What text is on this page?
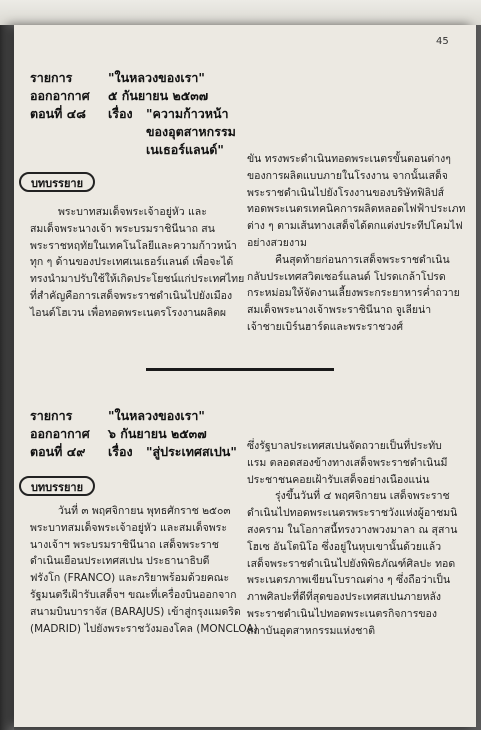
45
รายการ	"ในหลวงของเรา"
ออกอากาศ ๕ กันยายน ๒๕๓๗
ตอนที่ ๔๘ เรื่อง "ความก้าวหน้า
ของอุตสาหกรรม
เนเธอร์แลนด์"
บทบรรยาย
พระบาทสมเด็จพระเจ้าอยู่หัว และ
สมเด็จพระนางเจ้า พระบรมราชินีนาถ สน
พระราชหฤทัยในเทคโนโลยีและความก้าวหน้า
ทุก ๆ ด้านของประเทศเนเธอร์แลนด์ เพื่อจะได้
ทรงนำมาปรับใช้ให้เกิดประโยชน์แก่ประเทศไทย
ที่สำคัญคือการเสด็จพระราชดำเนินไปยังเมือง
ไอนด์โฮเวน เพื่อทอดพระเนตรโรงงานผลิตผ
ขัน ทรงพระดำเนินทอดพระเนตรขั้นตอนต่างๆ
ของการผลิตแบบภายในโรงงาน จากนั้นเสด็จ
พระราชดำเนินไปยังโรงงานของบริษัทฟิลิปส์
ทอดพระเนตรเทคนิคการผลิตหลอดไฟฟ้าประเภท
ต่าง ๆ ตามเส้นทางเสด็จได้ตกแต่งประทีปโคมไฟ
อย่างสวยงาม
คืนสุดท้ายก่อนการเสด็จพระราชดำเนิน
กลับประเทศสวิตเซอร์แลนด์ โปรดเกล้าโปรด
กระหม่อมให้จัดงานเลี้ยงพระกระยาหารค่ำถวาย
สมเด็จพระนางเจ้าพระราชินีนาถ จูเลียน่า
เจ้าชายเบิร์นฮาร์ดและพระราชวงศ์
รายการ	"ในหลวงของเรา"
ออกอากาศ ๖ กันยายน ๒๕๓๗
ตอนที่ ๔๙ เรื่อง "สู่ประเทศสเปน"
บทบรรยาย
วันที่ ๓ พฤศจิกายน พุทธศักราช ๒๕๐๓
พระบาทสมเด็จพระเจ้าอยู่หัว และสมเด็จพระ
นางเจ้าฯ พระบรมราชินีนาถ เสด็จพระราช
ดำเนินเยือนประเทศสเปน ประธานาธิบดี
ฟรังโก (FRANCO) และภริยาพร้อมด้วยคณะ
รัฐมนตรีเฝ้ารับเสด็จฯ ขณะที่เครื่องบินออกจาก
สนามบินบาราจัส (BARAJUS) เข้าสู่กรุงแมดริด
(MADRID) ไปยังพระราชวังมองโคล (MONCLOA)
ซึ่งรัฐบาลประเทศสเปนจัดถวายเป็นที่ประทับ
แรม ตลอดสองข้างทางเสด็จพระราชดำเนินมี
ประชาชนคอยเฝ้ารับเสด็จอย่างเนืองแน่น
รุ่งขึ้นวันที่ ๔ พฤศจิกายน เสด็จพระราช
ดำเนินไปทอดพระเนตรพระราชวังแห่งผู้อาชมนิ
สงคราม ในโอกาสนี้ทรงวางพวงมาลา ณ สุสาน
โฮเซ อันโตนิโอ ซึ่งอยู่ในหุบเขานั้นด้วยแล้ว
เสด็จพระราชดำเนินไปยังพิพิธภัณฑ์ศิลปะ ทอด
พระเนตรภาพเขียนโบราณต่าง ๆ ซึ่งถือว่าเป็น
ภาพศิลปะที่ดีที่สุดของประเทศสเปนภายหลัง
พระราชดำเนินไปทอดพระเนตรกิจการของ
สถาบันอุตสาหกรรมแห่งชาติ
